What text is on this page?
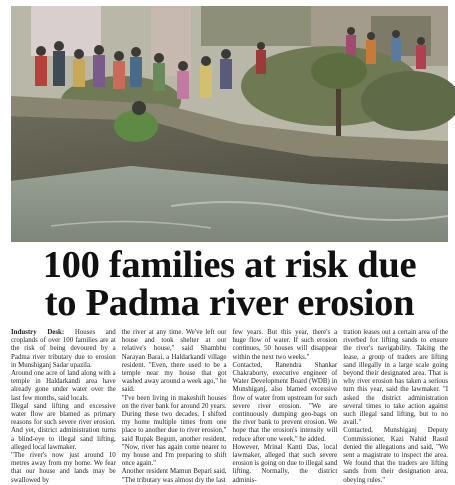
100 families at risk due
to Padma river erosion

Industry Desk: Houses and croplands of over 100 families are at the risk of being devoured by a Padma river tributary due to erosion in Munshiganj Sadar upazila.

Around one acre of land along with a temple in Haldarkandi area have already gone under water over the last few months, said locals.

Illegal sand lifting and excessive water flow are blamed as primary reasons for such severe river erosion. And yet, district administration turns a blind-eye to illegal sand lifting, alleged local lawmaker.

"The river's now just around 10 metres away from my home. We fear that our house and lands may be swallowed by

the river at any time. We've left our house and took shelter at our relative's house," said Shambhu Narayan Barai, a Haldarkandi village resident. "Even, there used to be a temple near my house that got washed away around a week ago," he said.

"I've been living in makeshift houses on the river bank for around 20 years. During these two decades, I shifted my home multiple times from one place to another due to river erosion," said Rupak Begum, another resident. "Now, river has again come nearer to my house and I'm preparing to shift once again."

Another resident Mamun Bepari said, "The tributary was almost dry the last

few years. But this year, there's a huge flow of water. If such erosion continues, 50 houses will disappear within the next two weeks."

Contacted, Ranendra Shankar Chakraborty, executive engineer of Water Development Board (WDB) in Munshiganj, also blamed excessive flow of water from upstream for such severe river erosion. "We are continuously dumping geo-bags on the river bank to prevent erosion. We hope that the erosion's intensity will reduce after one week," he added.

However, Mrinal Kanti Das, local lawmaker, alleged that such severe erosion is going on due to illegal sand lifting. Normally, the district adminis-

tration leases out a certain area of the riverbed for lifting sands to ensure the river's navigability. Taking the lease, a group of traders are lifting sand illegally in a large scale going beyond their designated area. That is why river erosion has taken a serious turn this year, said the lawmaker. "I asked the district administration several times to take action against such illegal sand lifting, but to no avail."

Contacted, Munshiganj Deputy Commissioner, Kazi Nahid Rasul denied the allegations and said, "We sent a magistrate to inspect the area. We found that the traders are lifting sands from their designation area, obeying rules."
